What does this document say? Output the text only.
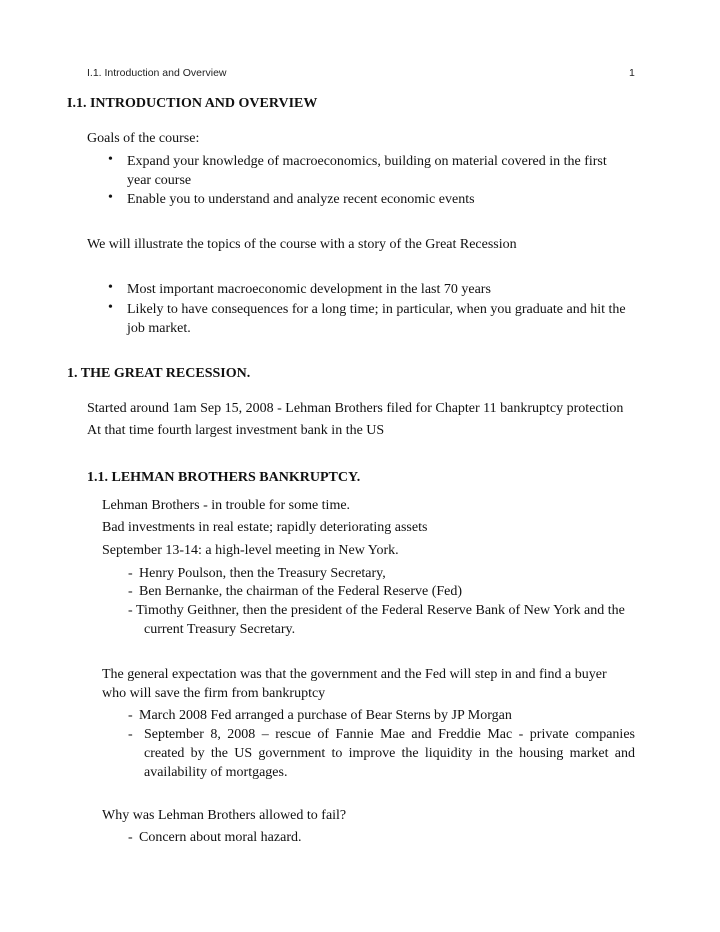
I.1. Introduction and Overview	1
I.1. INTRODUCTION AND OVERVIEW
Goals of the course:
• Expand your knowledge of macroeconomics, building on material covered in the first year course
• Enable you to understand and analyze recent economic events
We will illustrate the topics of the course with a story of the Great Recession
• Most important macroeconomic development in the last 70 years
• Likely to have consequences for a long time; in particular, when you graduate and hit the job market.
1. THE GREAT RECESSION.
Started around 1am Sep 15, 2008 - Lehman Brothers filed for Chapter 11 bankruptcy protection
At that time fourth largest investment bank in the US
1.1. LEHMAN BROTHERS BANKRUPTCY.
Lehman Brothers - in trouble for some time.
Bad investments in real estate; rapidly deteriorating assets
September 13-14: a high-level meeting in New York.
- Henry Poulson, then the Treasury Secretary,
- Ben Bernanke, the chairman of the Federal Reserve (Fed)
- Timothy Geithner, then the president of the Federal Reserve Bank of New York and the current Treasury Secretary.
The general expectation was that the government and the Fed will step in and find a buyer who will save the firm from bankruptcy
- March 2008 Fed arranged a purchase of Bear Sterns by JP Morgan
- September 8, 2008 – rescue of Fannie Mae and Freddie Mac - private companies created by the US government to improve the liquidity in the housing market and availability of mortgages.
Why was Lehman Brothers allowed to fail?
- Concern about moral hazard.
